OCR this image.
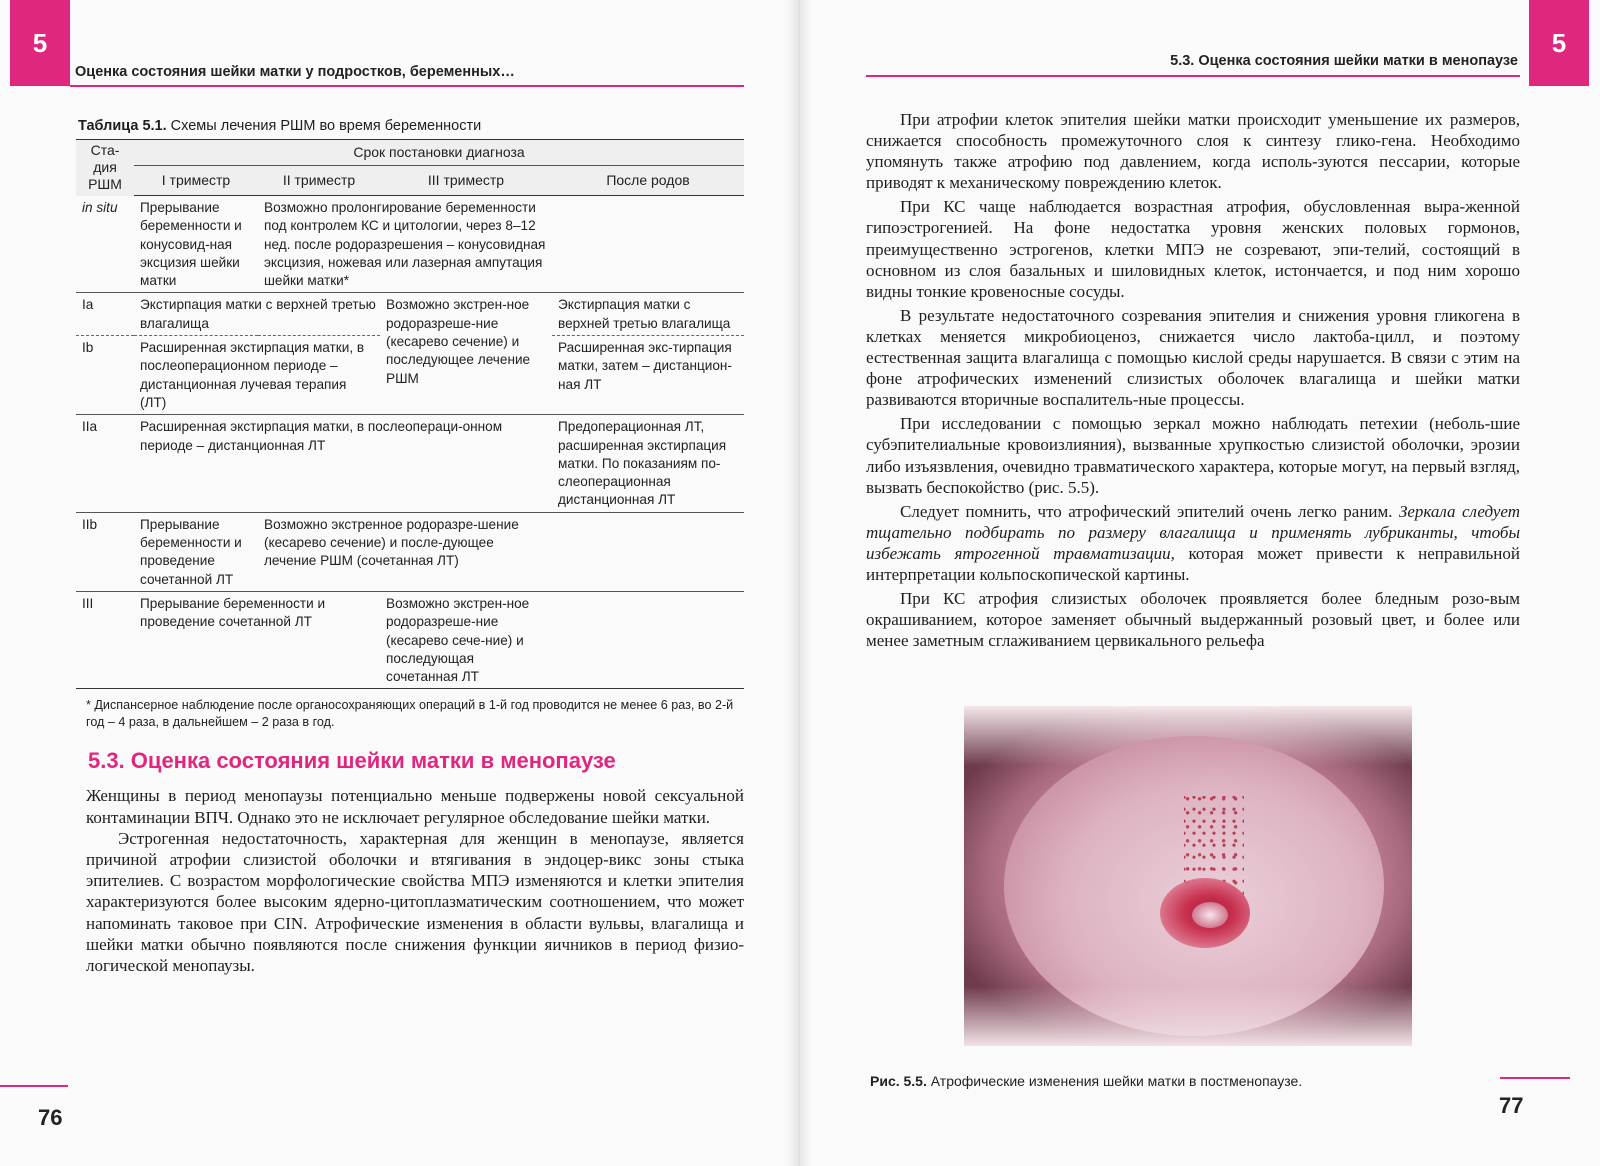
5
Оценка состояния шейки матки у подростков, беременных…
5
5.3. Оценка состояния шейки матки в менопаузе
Таблица 5.1. Схемы лечения РШМ во время беременности
Ста-дия РШМ	Срок постановки диагноза			
	I триместр	II триместр	III триместр	После родов
in situ	Прерывание беременности и конусовид-ная эксцизия шейки матки	Возможно пролонгирование беременности под контролем КС и цитологии, через 8–12 нед. после родоразрешения – конусовидная эксцизия, ножевая или лазерная ампутация шейки матки*		
Ia	Экстирпация матки с верхней третью влагалища		Возможно экстрен-ное родоразреше-ние (кесарево сечение) и последующее лечение РШМ	Экстирпация матки с верхней третью влагалища
Ib	Расширенная экстирпация матки, в послеоперационном периоде – дистанционная лучевая терапия (ЛТ)			Расширенная экс-тирпация матки, затем – дистанцион-ная ЛТ
IIa	Расширенная экстирпация матки, в послеопераци-онном периоде – дистанционная ЛТ			Предоперационная ЛТ, расширенная экстирпация матки. По показаниям по-слеоперационная дистанционная ЛТ
IIb	Прерывание беременности и проведение сочетанной ЛТ	Возможно экстренное родоразре-шение (кесарево сечение) и после-дующее лечение РШМ (сочетанная ЛТ)		
III	Прерывание беременности и проведение сочетанной ЛТ		Возможно экстрен-ное родоразреше-ние (кесарево сече-ние) и последующая сочетанная ЛТ	
* Диспансерное наблюдение после органосохраняющих операций в 1-й год проводится не менее 6 раз, во 2-й год – 4 раза, в дальнейшем – 2 раза в год.
5.3. Оценка состояния шейки матки в менопаузе

Женщины в период менопаузы потенциально меньше подвержены новой сексуальной контаминации ВПЧ. Однако это не исключает регулярное обследование шейки матки.

Эстрогенная недостаточность, характерная для женщин в менопаузе, является причиной атрофии слизистой оболочки и втягивания в эндоцер-викс зоны стыка эпителиев. С возрастом морфологические свойства МПЭ изменяются и клетки эпителия характеризуются более высоким ядерно-цитоплазматическим соотношением, что может напоминать таковое при CIN. Атрофические изменения в области вульвы, влагалища и шейки матки обычно появляются после снижения функции яичников в период физио-логической менопаузы.

При атрофии клеток эпителия шейки матки происходит уменьшение их размеров, снижается способность промежуточного слоя к синтезу глико-гена. Необходимо упомянуть также атрофию под давлением, когда исполь-зуются пессарии, которые приводят к механическому повреждению клеток.

При КС чаще наблюдается возрастная атрофия, обусловленная выра-женной гипоэстрогенией. На фоне недостатка уровня женских половых гормонов, преимущественно эстрогенов, клетки МПЭ не созревают, эпи-телий, состоящий в основном из слоя базальных и шиловидных клеток, истончается, и под ним хорошо видны тонкие кровеносные сосуды.

В результате недостаточного созревания эпителия и снижения уровня гликогена в клетках меняется микробиоценоз, снижается число лактоба-цилл, и поэтому естественная защита влагалища с помощью кислой среды нарушается. В связи с этим на фоне атрофических изменений слизистых оболочек влагалища и шейки матки развиваются вторичные воспалитель-ные процессы.

При исследовании с помощью зеркал можно наблюдать петехии (неболь-шие субэпителиальные кровоизлияния), вызванные хрупкостью слизистой оболочки, эрозии либо изъязвления, очевидно травматического характера, которые могут, на первый взгляд, вызвать беспокойство (рис. 5.5).

Следует помнить, что атрофический эпителий очень легко раним. Зеркала следует тщательно подбирать по размеру влагалища и применять лубриканты, чтобы избежать ятрогенной травматизации, которая может привести к неправильной интерпретации кольпоскопической картины.

При КС атрофия слизистых оболочек проявляется более бледным розо-вым окрашиванием, которое заменяет обычный выдержанный розовый цвет, и более или менее заметным сглаживанием цервикального рельефа

Рис. 5.5. Атрофические изменения шейки матки в постменопаузе.
76	77
